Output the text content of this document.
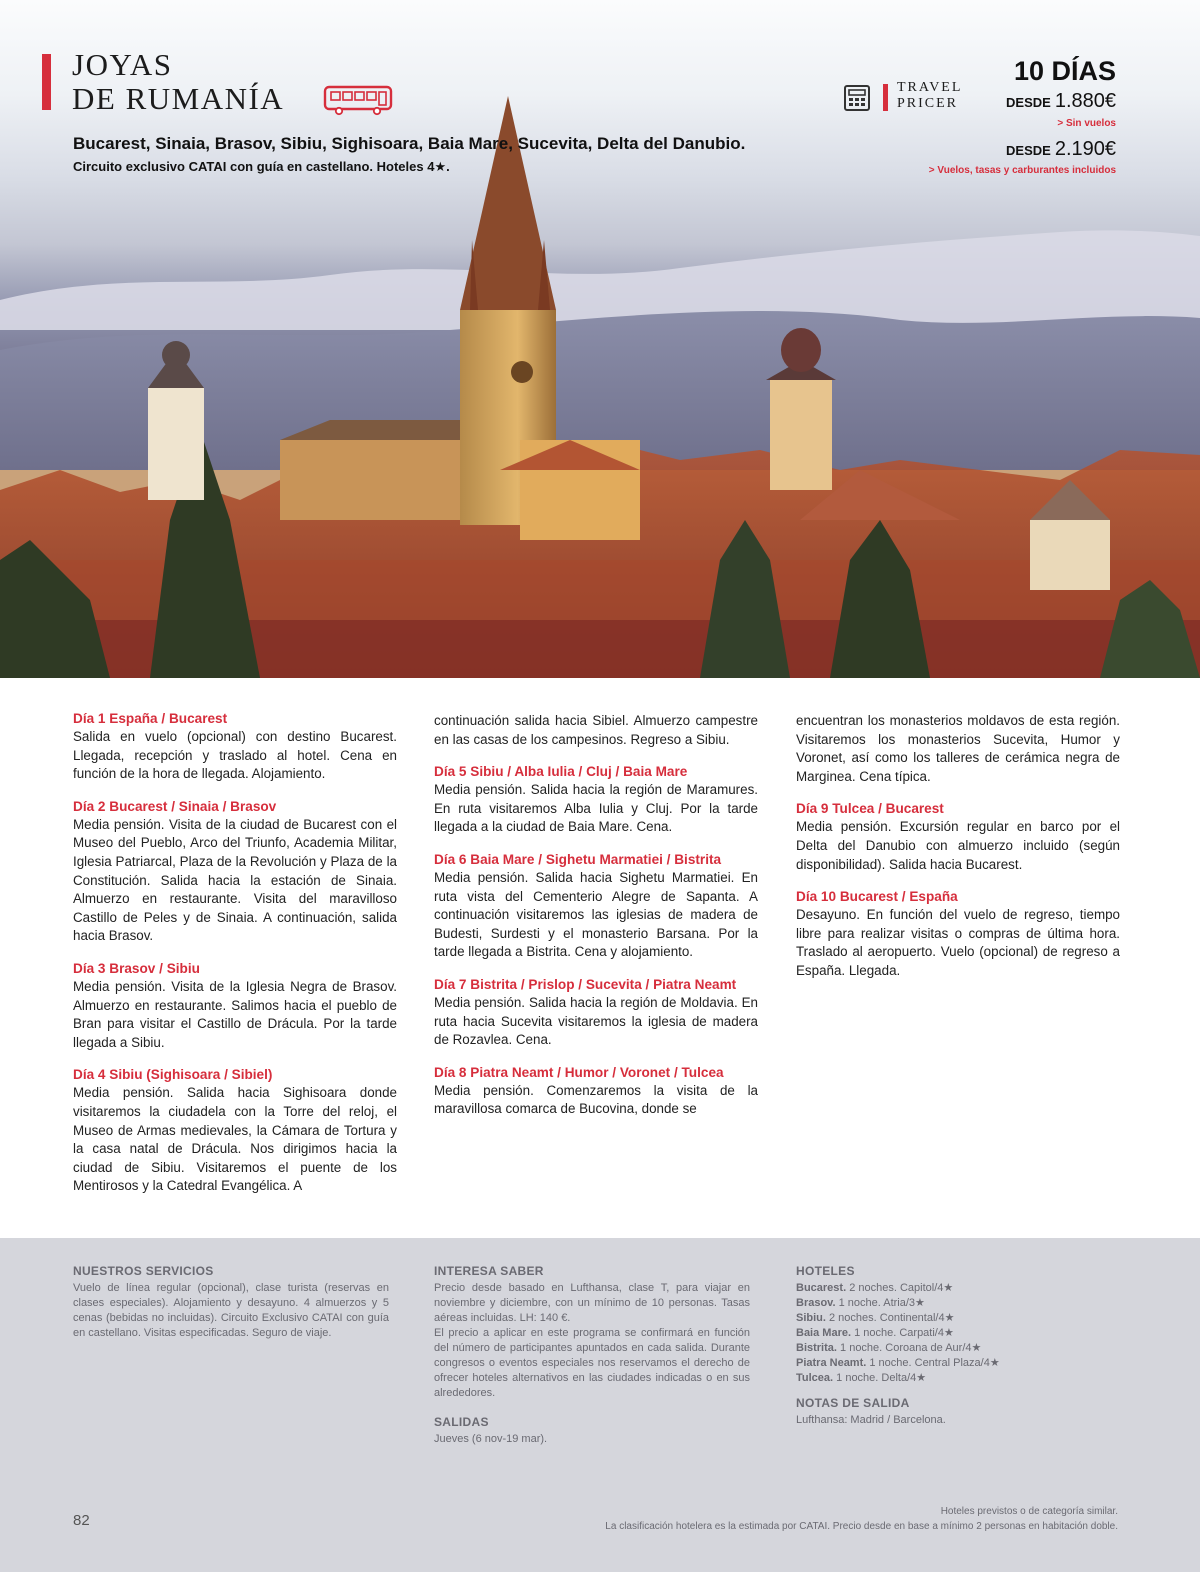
JOYAS
DE RUMANÍA
Bucarest, Sinaia, Brasov, Sibiu, Sighisoara, Baia Mare, Sucevita, Delta del Danubio.
Circuito exclusivo CATAI con guía en castellano. Hoteles 4★.
TRAVEL
PRICER
10 DÍAS
DESDE 1.880€
> Sin vuelos
DESDE 2.190€
> Vuelos, tasas y carburantes incluidos
Día 1 España / Bucarest

Salida en vuelo (opcional) con destino Bucarest. Llegada, recepción y traslado al hotel. Cena en función de la hora de llegada. Alojamiento.

Día 2 Bucarest / Sinaia / Brasov

Media pensión. Visita de la ciudad de Bucarest con el Museo del Pueblo, Arco del Triunfo, Academia Militar, Iglesia Patriarcal, Plaza de la Revolución y Plaza de la Constitución. Salida hacia la estación de Sinaia. Almuerzo en restaurante. Visita del maravilloso Castillo de Peles y de Sinaia. A continuación, salida hacia Brasov.

Día 3 Brasov / Sibiu

Media pensión. Visita de la Iglesia Negra de Brasov. Almuerzo en restaurante. Salimos hacia el pueblo de Bran para visitar el Castillo de Drácula. Por la tarde llegada a Sibiu.

Día 4 Sibiu (Sighisoara / Sibiel)

Media pensión. Salida hacia Sighisoara donde visitaremos la ciudadela con la Torre del reloj, el Museo de Armas medievales, la Cámara de Tortura y la casa natal de Drácula. Nos dirigimos hacia la ciudad de Sibiu. Visitaremos el puente de los Mentirosos y la Catedral Evangélica. A

continuación salida hacia Sibiel. Almuerzo campestre en las casas de los campesinos. Regreso a Sibiu.

Día 5 Sibiu / Alba Iulia / Cluj / Baia Mare

Media pensión. Salida hacia la región de Maramures. En ruta visitaremos Alba Iulia y Cluj. Por la tarde llegada a la ciudad de Baia Mare. Cena.

Día 6 Baia Mare / Sighetu Marmatiei / Bistrita

Media pensión. Salida hacia Sighetu Marmatiei. En ruta vista del Cementerio Alegre de Sapanta. A continuación visitaremos las iglesias de madera de Budesti, Surdesti y el monasterio Barsana. Por la tarde llegada a Bistrita. Cena y alojamiento.

Día 7 Bistrita / Prislop / Sucevita / Piatra Neamt

Media pensión. Salida hacia la región de Moldavia. En ruta hacia Sucevita visitaremos la iglesia de madera de Rozavlea. Cena.

Día 8 Piatra Neamt / Humor / Voronet / Tulcea

Media pensión. Comenzaremos la visita de la maravillosa comarca de Bucovina, donde se

encuentran los monasterios moldavos de esta región. Visitaremos los monasterios Sucevita, Humor y Voronet, así como los talleres de cerámica negra de Marginea. Cena típica.

Día 9 Tulcea / Bucarest

Media pensión. Excursión regular en barco por el Delta del Danubio con almuerzo incluido (según disponibilidad). Salida hacia Bucarest.

Día 10 Bucarest / España

Desayuno. En función del vuelo de regreso, tiempo libre para realizar visitas o compras de última hora. Traslado al aeropuerto. Vuelo (opcional) de regreso a España. Llegada.

NUESTROS SERVICIOS

Vuelo de línea regular (opcional), clase turista (reservas en clases especiales). Alojamiento y desayuno. 4 almuerzos y 5 cenas (bebidas no incluidas). Circuito Exclusivo CATAI con guía en castellano. Visitas especificadas. Seguro de viaje.

INTERESA SABER

Precio desde basado en Lufthansa, clase T, para viajar en noviembre y diciembre, con un mínimo de 10 personas. Tasas aéreas incluidas. LH: 140 €.

El precio a aplicar en este programa se confirmará en función del número de participantes apuntados en cada salida. Durante congresos o eventos especiales nos reservamos el derecho de ofrecer hoteles alternativos en las ciudades indicadas o en sus alrededores.

SALIDAS

Jueves (6 nov-19 mar).

HOTELES
Bucarest. 2 noches. Capitol/4★
Brasov. 1 noche. Atria/3★
Sibiu. 2 noches. Continental/4★
Baia Mare. 1 noche. Carpati/4★
Bistrita. 1 noche. Coroana de Aur/4★
Piatra Neamt. 1 noche. Central Plaza/4★
Tulcea. 1 noche. Delta/4★
NOTAS DE SALIDA

Lufthansa: Madrid / Barcelona.

82
Hoteles previstos o de categoría similar.
La clasificación hotelera es la estimada por CATAI. Precio desde en base a mínimo 2 personas en habitación doble.
